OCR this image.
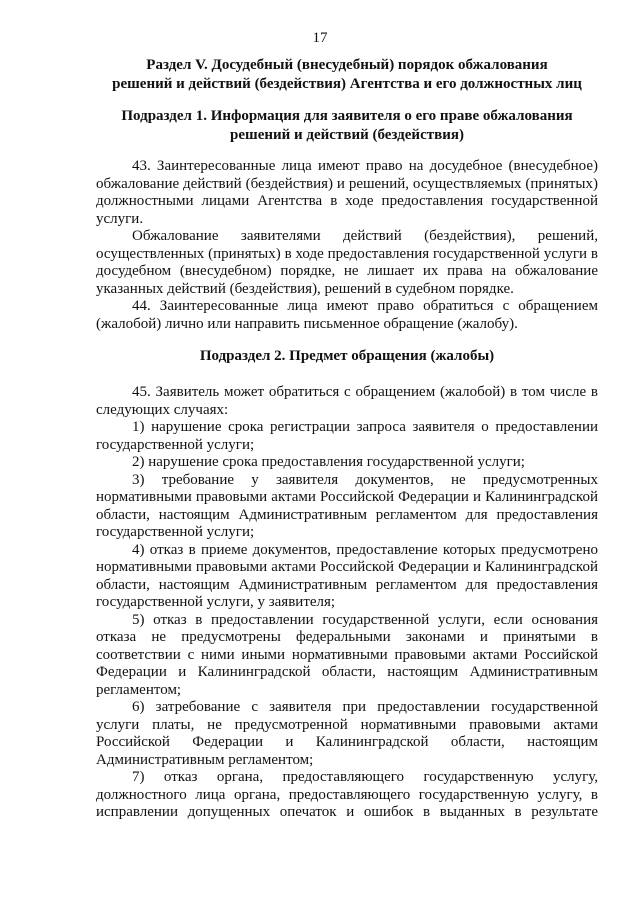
17
Раздел V. Досудебный (внесудебный) порядок обжалования
решений и действий (бездействия) Агентства и его должностных лиц
Подраздел 1. Информация для заявителя о его праве обжалования
решений и действий (бездействия)

43. Заинтересованные лица имеют право на досудебное (внесудебное) обжалование действий (бездействия) и решений, осуществляемых (принятых) должностными лицами Агентства в ходе предоставления государственной услуги.

Обжалование заявителями действий (бездействия), решений, осуществленных (принятых) в ходе предоставления государственной услуги в досудебном (внесудебном) порядке, не лишает их права на обжалование указанных действий (бездействия), решений в судебном порядке.

44. Заинтересованные лица имеют право обратиться с обращением (жалобой) лично или направить письменное обращение (жалобу).

Подраздел 2. Предмет обращения (жалобы)

45. Заявитель может обратиться с обращением (жалобой) в том числе в следующих случаях:

1) нарушение срока регистрации запроса заявителя о предоставлении государственной услуги;

2) нарушение срока предоставления государственной услуги;

3) требование у заявителя документов, не предусмотренных нормативными правовыми актами Российской Федерации и Калининградской области, настоящим Административным регламентом для предоставления государственной услуги;

4) отказ в приеме документов, предоставление которых предусмотрено нормативными правовыми актами Российской Федерации и Калининградской области, настоящим Административным регламентом для предоставления государственной услуги, у заявителя;

5) отказ в предоставлении государственной услуги, если основания отказа не предусмотрены федеральными законами и принятыми в соответствии с ними иными нормативными правовыми актами Российской Федерации и Калининградской области, настоящим Административным регламентом;

6) затребование с заявителя при предоставлении государственной услуги платы, не предусмотренной нормативными правовыми актами Российской Федерации и Калининградской области, настоящим Административным регламентом;

7) отказ органа, предоставляющего государственную услугу, должностного лица органа, предоставляющего государственную услугу, в исправлении допущенных опечаток и ошибок в выданных в результате
